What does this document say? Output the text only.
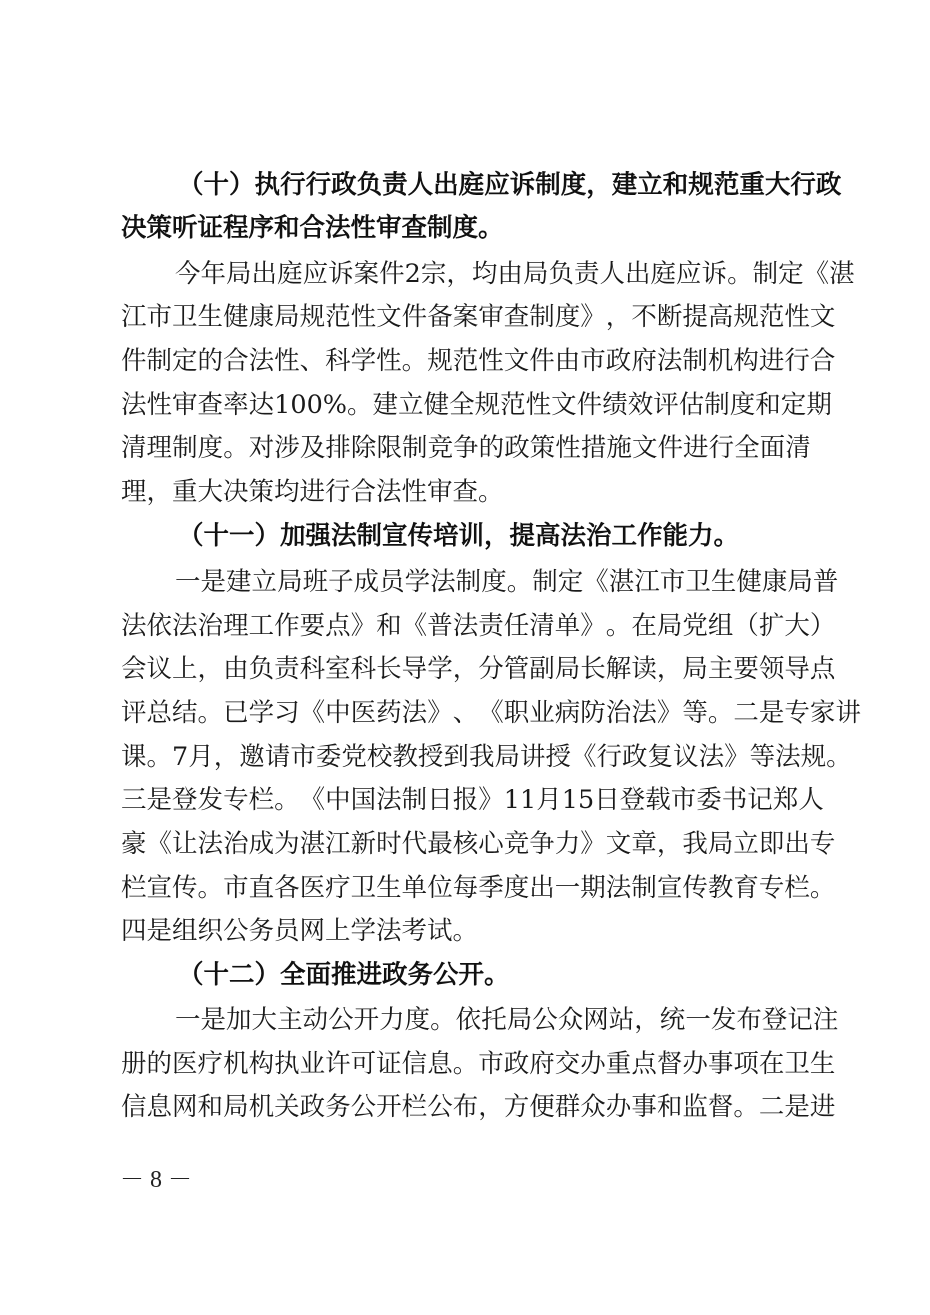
（ 十 ） 执 行 行 政 负 责 人 出 庭 应 诉 制 度 ， 建 立 和 规 范 重 大 行 政
决策听证程序和合法性审查制度。
今 年 局 出 庭 应 诉 案 件 2 宗 ， 均 由 局 负 责 人 出 庭 应 诉 。 制 定 《 湛
江 市 卫 生 健 康 局 规 范 性 文 件 备 案 审 查 制 度 》 ， 不 断 提 高 规 范 性 文
件 制 定 的 合 法 性 、 科 学 性 。 规 范 性 文 件 由 市 政 府 法 制 机 构 进 行 合
法 性 审 查 率 达 1 0 0 % 。 建 立 健 全 规 范 性 文 件 绩 效 评 估 制 度 和 定 期
清 理 制 度 。 对 涉 及 排 除 限 制 竞 争 的 政 策 性 措 施 文 件 进 行 全 面 清
理，重大决策均进行合法性审查。
（十一）加强法制宣传培训，提高法治工作能力。
一 是 建 立 局 班 子 成 员 学 法 制 度 。 制 定 《 湛 江 市 卫 生 健 康 局 普
法 依 法 治 理 工 作 要 点 》 和 《 普 法 责 任 清 单 》 。 在 局 党 组 （ 扩 大 ）
会 议 上 ， 由 负 责 科 室 科 长 导 学 ， 分 管 副 局 长 解 读 ， 局 主 要 领 导 点
评 总 结 。 已 学 习 《 中 医 药 法 》 、 《 职 业 病 防 治 法 》 等 。 二 是 专 家 讲
课 。 7 月 ， 邀 请 市 委 党 校 教 授 到 我 局 讲 授 《 行 政 复 议 法 》 等 法 规 。
三 是 登 发 专 栏 。 《 中 国 法 制 日 报 》 1 1 月 1 5 日 登 载 市 委 书 记 郑 人
豪 《 让 法 治 成 为 湛 江 新 时 代 最 核 心 竞 争 力 》 文 章 ， 我 局 立 即 出 专
栏 宣 传 。 市 直 各 医 疗 卫 生 单 位 每 季 度 出 一 期 法 制 宣 传 教 育 专 栏 。
四是组织公务员网上学法考试。
（十二）全面推进政务公开。
一 是 加 大 主 动 公 开 力 度 。 依 托 局 公 众 网 站 ， 统 一 发 布 登 记 注
册 的 医 疗 机 构 执 业 许 可 证 信 息 。 市 政 府 交 办 重 点 督 办 事 项 在 卫 生
信 息 网 和 局 机 关 政 务 公 开 栏 公 布 ， 方 便 群 众 办 事 和 监 督 。 二 是 进
－ 8 －
